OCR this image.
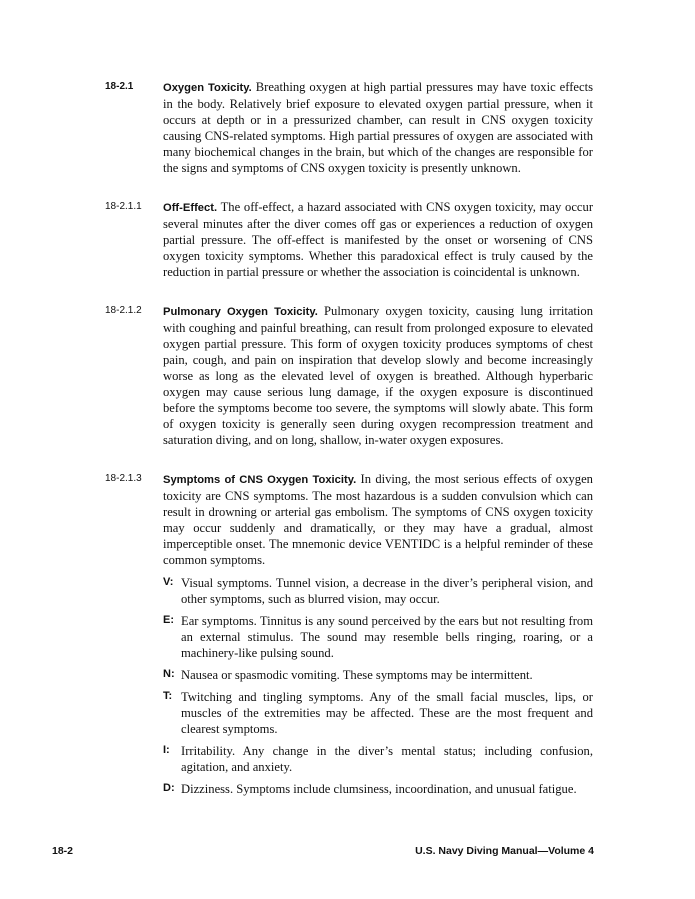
18-2.1	Oxygen Toxicity. Breathing oxygen at high partial pressures may have toxic effects in the body. Relatively brief exposure to elevated oxygen partial pressure, when it occurs at depth or in a pressurized chamber, can result in CNS oxygen toxicity causing CNS-related symptoms. High partial pressures of oxygen are associated with many biochemical changes in the brain, but which of the changes are responsible for the signs and symptoms of CNS oxygen toxicity is presently unknown.
18-2.1.1 Off-Effect. The off-effect, a hazard associated with CNS oxygen toxicity, may occur several minutes after the diver comes off gas or experiences a reduction of oxygen partial pressure. The off-effect is manifested by the onset or worsening of CNS oxygen toxicity symptoms. Whether this paradoxical effect is truly caused by the reduction in partial pressure or whether the association is coincidental is unknown.
18-2.1.2 Pulmonary Oxygen Toxicity. Pulmonary oxygen toxicity, causing lung irritation with coughing and painful breathing, can result from prolonged exposure to elevated oxygen partial pressure. This form of oxygen toxicity produces symptoms of chest pain, cough, and pain on inspiration that develop slowly and become increasingly worse as long as the elevated level of oxygen is breathed. Although hyperbaric oxygen may cause serious lung damage, if the oxygen exposure is discontinued before the symptoms become too severe, the symptoms will slowly abate. This form of oxygen toxicity is generally seen during oxygen recompression treatment and saturation diving, and on long, shallow, in-water oxygen exposures.
18-2.1.3 Symptoms of CNS Oxygen Toxicity. In diving, the most serious effects of oxygen toxicity are CNS symptoms. The most hazardous is a sudden convulsion which can result in drowning or arterial gas embolism. The symptoms of CNS oxygen toxicity may occur suddenly and dramatically, or they may have a gradual, almost imperceptible onset. The mnemonic device VENTIDC is a helpful reminder of these common symptoms.
V: Visual symptoms. Tunnel vision, a decrease in the diver’s peripheral vision, and other symptoms, such as blurred vision, may occur.
E: Ear symptoms. Tinnitus is any sound perceived by the ears but not resulting from an external stimulus. The sound may resemble bells ringing, roaring, or a machinery-like pulsing sound.
N: Nausea or spasmodic vomiting. These symptoms may be intermittent.
T: Twitching and tingling symptoms. Any of the small facial muscles, lips, or muscles of the extremities may be affected. These are the most frequent and clearest symptoms.
I: Irritability. Any change in the diver’s mental status; including confusion, agitation, and anxiety.
D: Dizziness. Symptoms include clumsiness, incoordination, and unusual fatigue.
18-2	U.S. Navy Diving Manual—Volume 4
